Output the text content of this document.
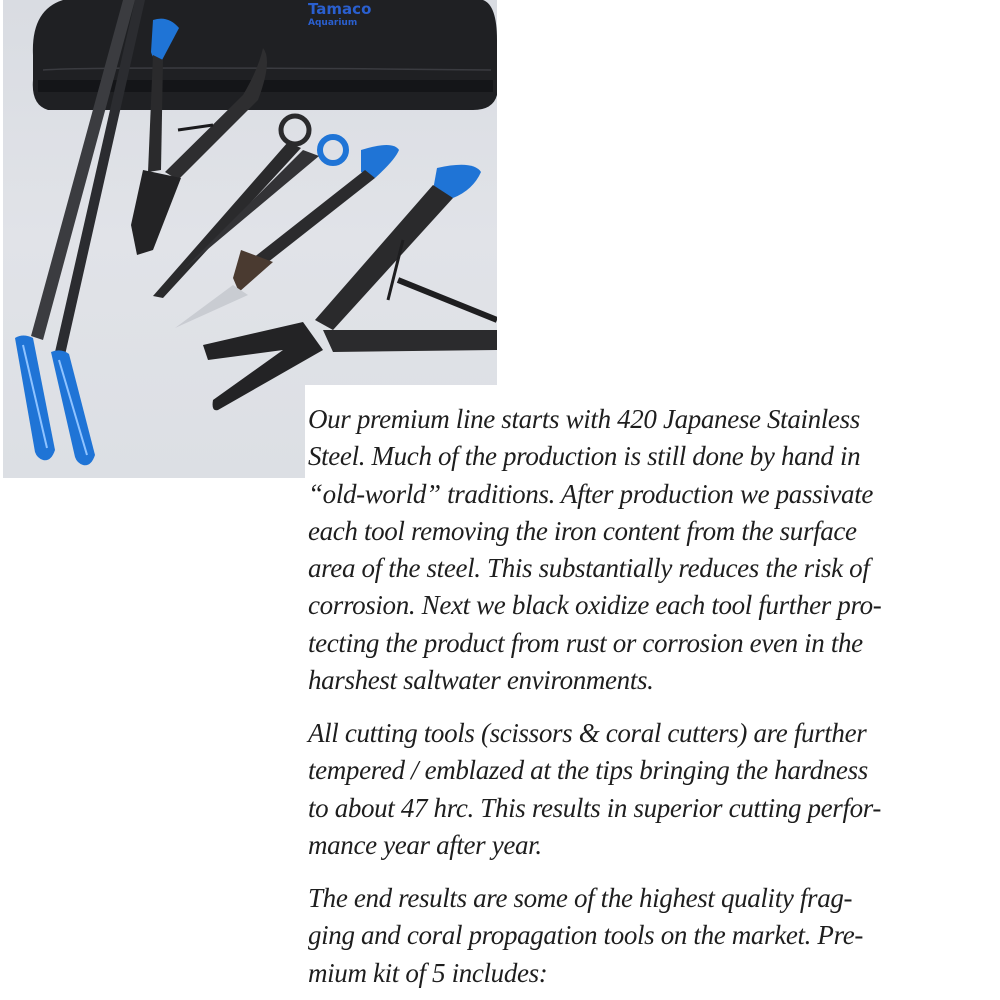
Tamaco
Aquarium

Our premium line starts with 420 Japanese Stainless
Steel. Much of the production is still done by hand in
“old-world” traditions. After production we passivate
each tool removing the iron content from the surface
area of the steel. This substantially reduces the risk of
corrosion. Next we black oxidize each tool further pro-
tecting the product from rust or corrosion even in the
harshest saltwater environments.

All cutting tools (scissors & coral cutters) are further
tempered / emblazed at the tips bringing the hardness
to about 47 hrc. This results in superior cutting perfor-
mance year after year.

The end results are some of the highest quality frag-
ging and coral propagation tools on the market. Pre-
mium kit of 5 includes:
